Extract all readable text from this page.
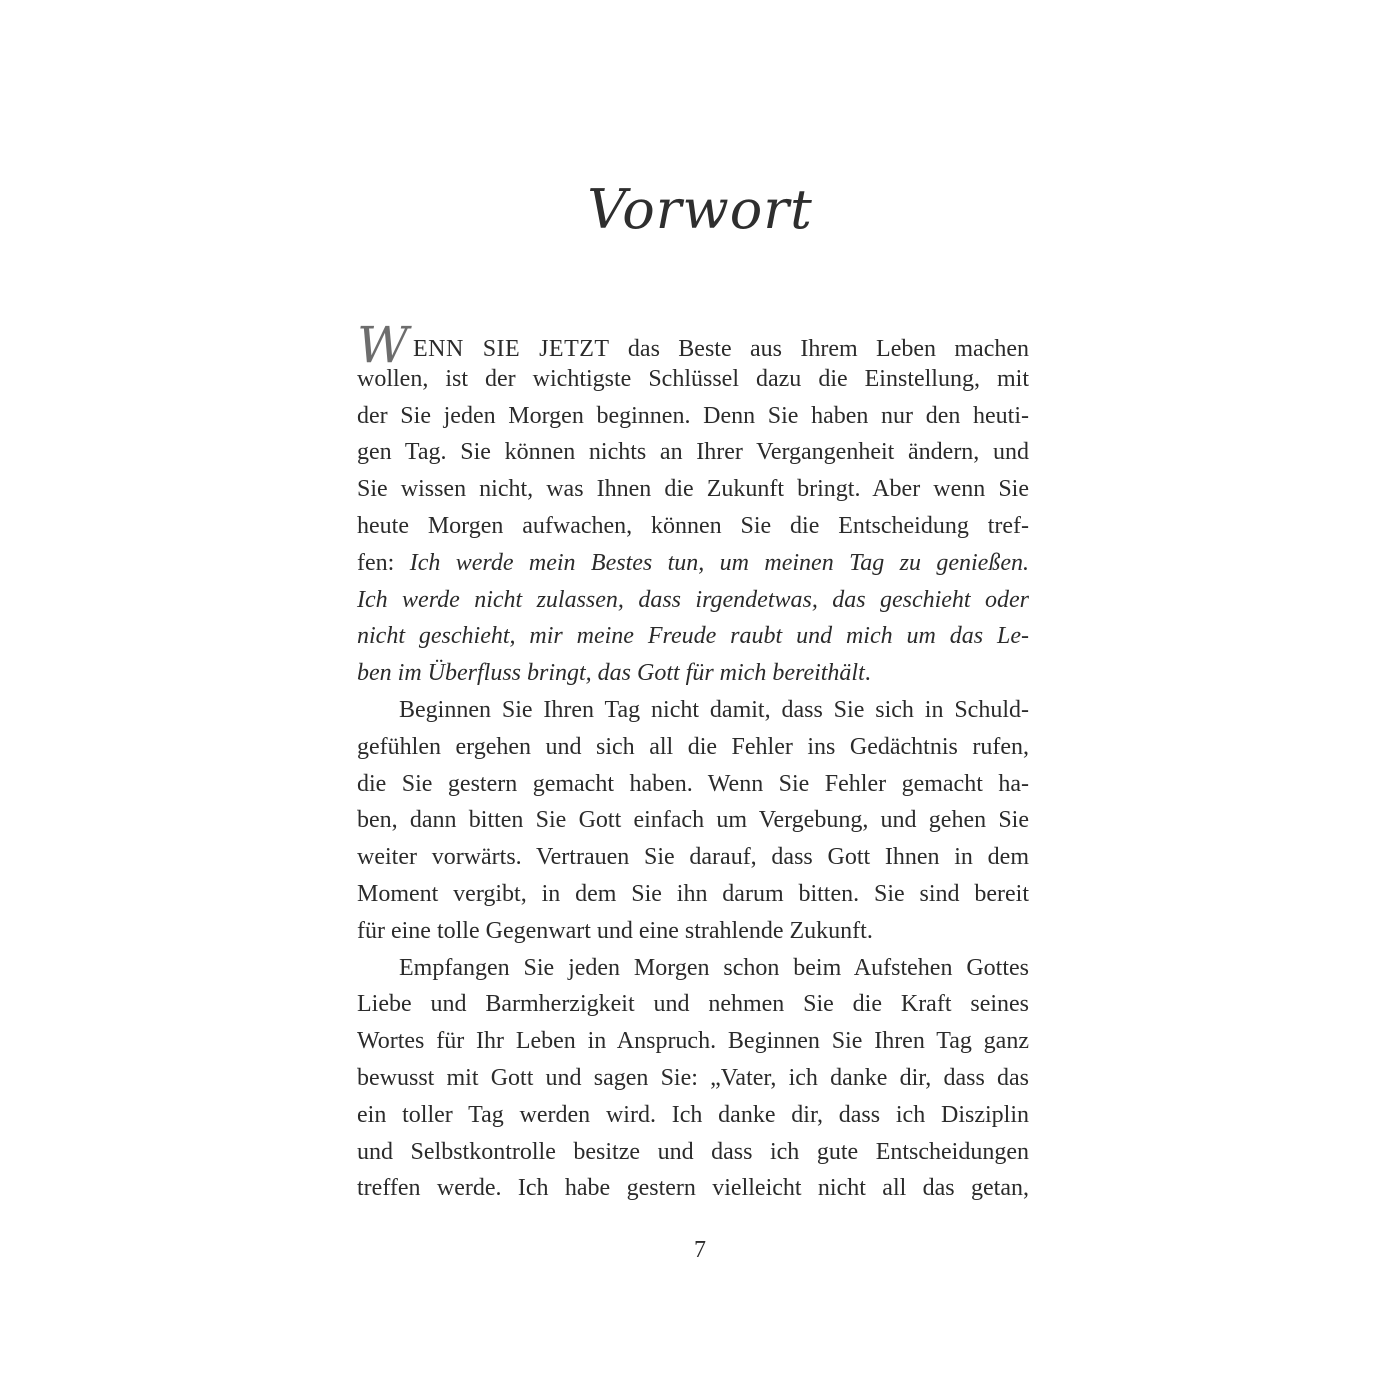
Vorwort
WENN SIE JETZT das Beste aus Ihrem Leben machen
wollen, ist der wichtigste Schlüssel dazu die Einstellung, mit
der Sie jeden Morgen beginnen. Denn Sie haben nur den heuti-
gen Tag. Sie können nichts an Ihrer Vergangenheit ändern, und
Sie wissen nicht, was Ihnen die Zukunft bringt. Aber wenn Sie
heute Morgen aufwachen, können Sie die Entscheidung tref-
fen: Ich werde mein Bestes tun, um meinen Tag zu genießen.
Ich werde nicht zulassen, dass irgendetwas, das geschieht oder
nicht geschieht, mir meine Freude raubt und mich um das Le-
ben im Überfluss bringt, das Gott für mich bereithält.
Beginnen Sie Ihren Tag nicht damit, dass Sie sich in Schuld-
gefühlen ergehen und sich all die Fehler ins Gedächtnis rufen,
die Sie gestern gemacht haben. Wenn Sie Fehler gemacht ha-
ben, dann bitten Sie Gott einfach um Vergebung, und gehen Sie
weiter vorwärts. Vertrauen Sie darauf, dass Gott Ihnen in dem
Moment vergibt, in dem Sie ihn darum bitten. Sie sind bereit
für eine tolle Gegenwart und eine strahlende Zukunft.
Empfangen Sie jeden Morgen schon beim Aufstehen Gottes
Liebe und Barmherzigkeit und nehmen Sie die Kraft seines
Wortes für Ihr Leben in Anspruch. Beginnen Sie Ihren Tag ganz
bewusst mit Gott und sagen Sie: „Vater, ich danke dir, dass das
ein toller Tag werden wird. Ich danke dir, dass ich Disziplin
und Selbstkontrolle besitze und dass ich gute Entscheidungen
treffen werde. Ich habe gestern vielleicht nicht all das getan,
7
